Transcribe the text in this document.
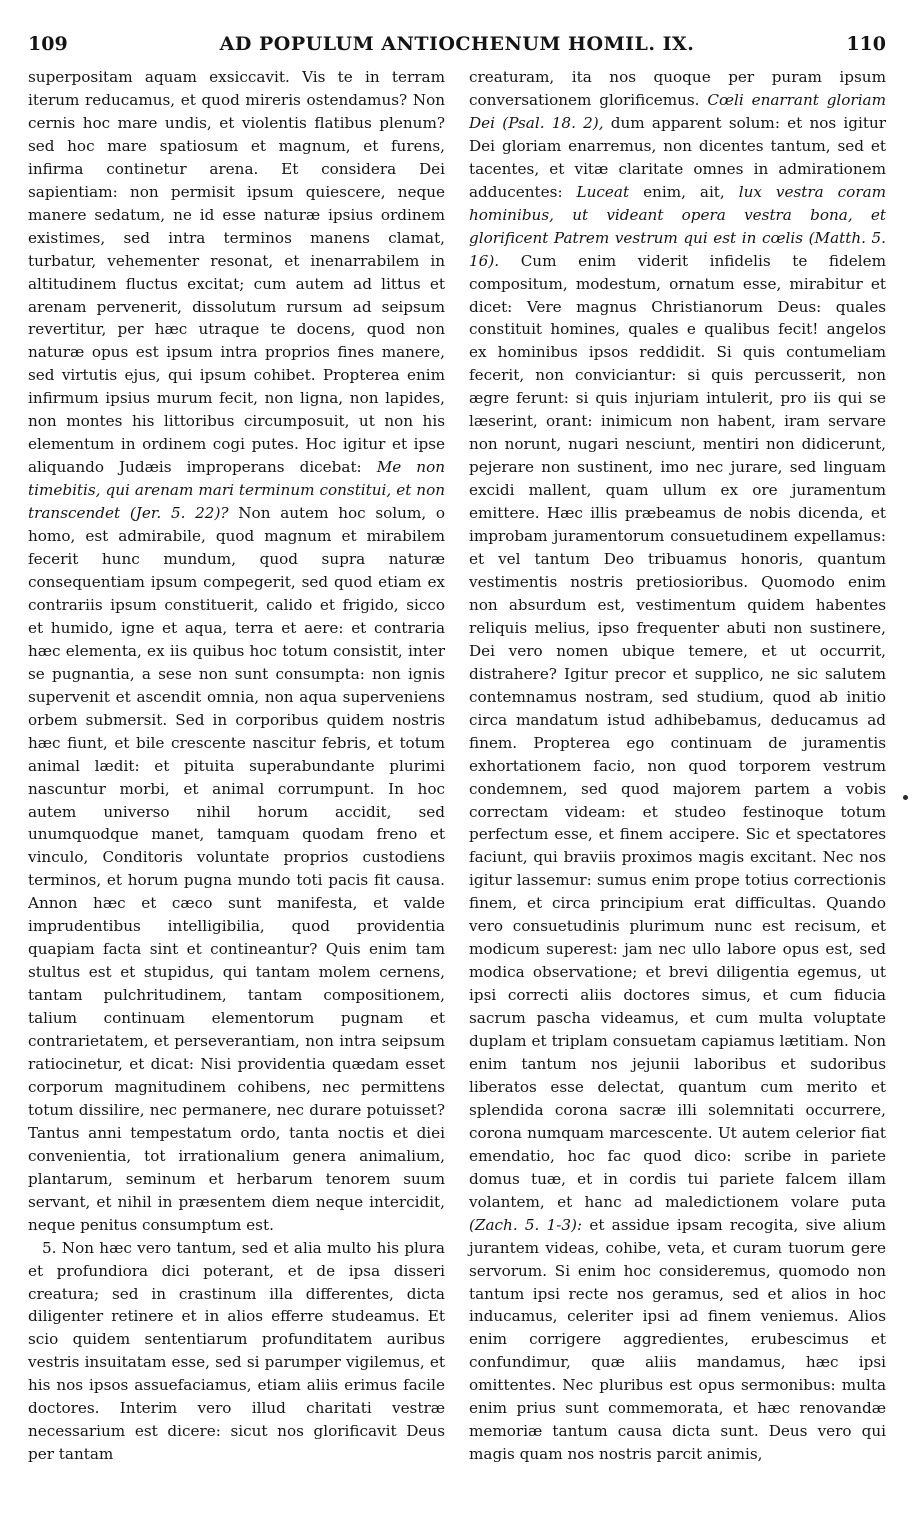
109	AD POPULUM ANTIOCHENUM HOMIL. IX.	110

superpositam aquam exsiccavit. Vis te in terram iterum reducamus, et quod mireris ostendamus? Non cernis hoc mare undis, et violentis flatibus plenum? sed hoc mare spatiosum et magnum, et furens, infirma continetur arena. Et considera Dei sapientiam: non permisit ipsum quiescere, neque manere sedatum, ne id esse naturæ ipsius ordinem existimes, sed intra terminos manens clamat, turbatur, vehementer resonat, et inenarrabilem in altitudinem fluctus excitat; cum autem ad littus et arenam pervenerit, dissolutum rursum ad seipsum revertitur, per hæc utraque te docens, quod non naturæ opus est ipsum intra proprios fines manere, sed virtutis ejus, qui ipsum cohibet. Propterea enim infirmum ipsius murum fecit, non ligna, non lapides, non montes his littoribus circumposuit, ut non his elementum in ordinem cogi putes. Hoc igitur et ipse aliquando Judæis improperans dicebat: Me non timebitis, qui arenam mari terminum constitui, et non transcendet (Jer. 5. 22)? Non autem hoc solum, o homo, est admirabile, quod magnum et mirabilem fecerit hunc mundum, quod supra naturæ consequentiam ipsum compegerit, sed quod etiam ex contrariis ipsum constituerit, calido et frigido, sicco et humido, igne et aqua, terra et aere: et contraria hæc elementa, ex iis quibus hoc totum consistit, inter se pugnantia, a sese non sunt consumpta: non ignis supervenit et ascendit omnia, non aqua superveniens orbem submersit. Sed in corporibus quidem nostris hæc fiunt, et bile crescente nascitur febris, et totum animal lædit: et pituita superabundante plurimi nascuntur morbi, et animal corrumpunt. In hoc autem universo nihil horum accidit, sed unumquodque manet, tamquam quodam freno et vinculo, Conditoris voluntate proprios custodiens terminos, et horum pugna mundo toti pacis fit causa. Annon hæc et cæco sunt manifesta, et valde imprudentibus intelligibilia, quod providentia quapiam facta sint et contineantur? Quis enim tam stultus est et stupidus, qui tantam molem cernens, tantam pulchritudinem, tantam compositionem, talium continuam elementorum pugnam et contrarietatem, et perseverantiam, non intra seipsum ratiocinetur, et dicat: Nisi providentia quædam esset corporum magnitudinem cohibens, nec permittens totum dissilire, nec permanere, nec durare potuisset? Tantus anni tempestatum ordo, tanta noctis et diei convenientia, tot irrationalium genera animalium, plantarum, seminum et herbarum tenorem suum servant, et nihil in præsentem diem neque intercidit, neque penitus consumptum est.

5. Non hæc vero tantum, sed et alia multo his plura et profundiora dici poterant, et de ipsa disseri creatura; sed in crastinum illa differentes, dicta diligenter retinere et in alios efferre studeamus. Et scio quidem sententiarum profunditatem auribus vestris insuitatam esse, sed si parumper vigilemus, et his nos ipsos assuefaciamus, etiam aliis erimus facile doctores. Interim vero illud charitati vestræ necessarium est dicere: sicut nos glorificavit Deus per tantam

creaturam, ita nos quoque per puram ipsum conversationem glorificemus. Cœli enarrant gloriam Dei (Psal. 18. 2), dum apparent solum: et nos igitur Dei gloriam enarremus, non dicentes tantum, sed et tacentes, et vitæ claritate omnes in admirationem adducentes: Luceat enim, ait, lux vestra coram hominibus, ut videant opera vestra bona, et glorificent Patrem vestrum qui est in cœlis (Matth. 5. 16). Cum enim viderit infidelis te fidelem compositum, modestum, ornatum esse, mirabitur et dicet: Vere magnus Christianorum Deus: quales constituit homines, quales e qualibus fecit! angelos ex hominibus ipsos reddidit. Si quis contumeliam fecerit, non conviciantur: si quis percusserit, non ægre ferunt: si quis injuriam intulerit, pro iis qui se læserint, orant: inimicum non habent, iram servare non norunt, nugari nesciunt, mentiri non didicerunt, pejerare non sustinent, imo nec jurare, sed linguam excidi mallent, quam ullum ex ore juramentum emittere. Hæc illis præbeamus de nobis dicenda, et improbam juramentorum consuetudinem expellamus: et vel tantum Deo tribuamus honoris, quantum vestimentis nostris pretiosioribus. Quomodo enim non absurdum est, vestimentum quidem habentes reliquis melius, ipso frequenter abuti non sustinere, Dei vero nomen ubique temere, et ut occurrit, distrahere? Igitur precor et supplico, ne sic salutem contemnamus nostram, sed studium, quod ab initio circa mandatum istud adhibebamus, deducamus ad finem. Propterea ego continuam de juramentis exhortationem facio, non quod torporem vestrum condemnem, sed quod majorem partem a vobis correctam videam: et studeo festinoque totum perfectum esse, et finem accipere. Sic et spectatores faciunt, qui braviis proximos magis excitant. Nec nos igitur lassemur: sumus enim prope totius correctionis finem, et circa principium erat difficultas. Quando vero consuetudinis plurimum nunc est recisum, et modicum superest: jam nec ullo labore opus est, sed modica observatione; et brevi diligentia egemus, ut ipsi correcti aliis doctores simus, et cum fiducia sacrum pascha videamus, et cum multa voluptate duplam et triplam consuetam capiamus lætitiam. Non enim tantum nos jejunii laboribus et sudoribus liberatos esse delectat, quantum cum merito et splendida corona sacræ illi solemnitati occurrere, corona numquam marcescente. Ut autem celerior fiat emendatio, hoc fac quod dico: scribe in pariete domus tuæ, et in cordis tui pariete falcem illam volantem, et hanc ad maledictionem volare puta (Zach. 5. 1-3): et assidue ipsam recogita, sive alium jurantem videas, cohibe, veta, et curam tuorum gere servorum. Si enim hoc consideremus, quomodo non tantum ipsi recte nos geramus, sed et alios in hoc inducamus, celeriter ipsi ad finem veniemus. Alios enim corrigere aggredientes, erubescimus et confundimur, quæ aliis mandamus, hæc ipsi omittentes. Nec pluribus est opus sermonibus: multa enim prius sunt commemorata, et hæc renovandæ memoriæ tantum causa dicta sunt. Deus vero qui magis quam nos nostris parcit animis,
